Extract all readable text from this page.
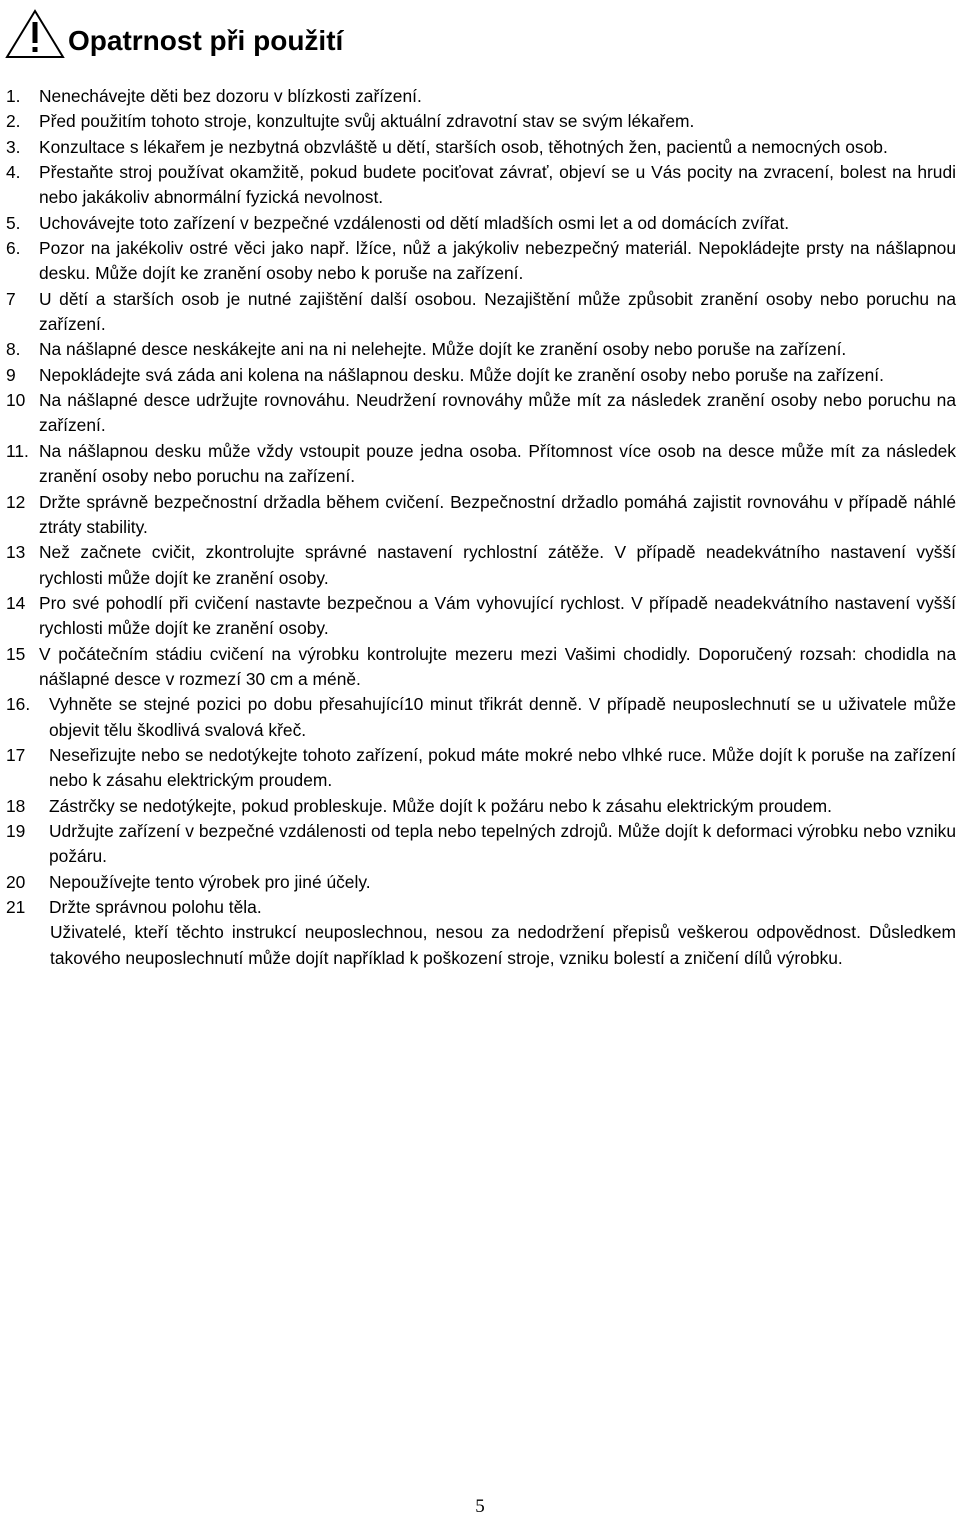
Opatrnost při použití
1.	Nenechávejte děti bez dozoru v blízkosti zařízení.
2.	Před použitím tohoto stroje, konzultujte svůj aktuální zdravotní stav se svým lékařem.
3.	Konzultace s lékařem je nezbytná obzvláště u dětí, starších osob, těhotných žen, pacientů a nemocných osob.
4.	Přestaňte stroj používat okamžitě, pokud budete pociťovat závrať, objeví se u Vás pocity na zvracení, bolest na hrudi nebo jakákoliv abnormální fyzická nevolnost.
5.	Uchovávejte toto zařízení v bezpečné vzdálenosti od dětí mladších osmi let a od domácích zvířat.
6.	Pozor na jakékoliv ostré věci jako např. lžíce, nůž a jakýkoliv nebezpečný materiál. Nepokládejte prsty na nášlapnou desku. Může dojít ke zranění osoby nebo k poruše na zařízení.
7	U dětí a starších osob je nutné zajištění další osobou. Nezajištění může způsobit zranění osoby nebo poruchu na zařízení.
8.	Na nášlapné desce neskákejte ani na ni nelehejte. Může dojít ke zranění osoby nebo poruše na zařízení.
9	Nepokládejte svá záda ani kolena na nášlapnou desku. Může dojít ke zranění osoby nebo poruše na zařízení.
10 Na nášlapné desce udržujte rovnováhu. Neudržení rovnováhy může mít za následek zranění osoby nebo poruchu na zařízení.
11. Na nášlapnou desku může vždy vstoupit pouze jedna osoba. Přítomnost více osob na desce může mít za následek zranění osoby nebo poruchu na zařízení.
12 Držte správně bezpečnostní držadla během cvičení. Bezpečnostní držadlo pomáhá zajistit rovnováhu v případě náhlé ztráty stability.
13 Než začnete cvičit, zkontrolujte správné nastavení rychlostní zátěže. V případě neadekvátního nastavení vyšší rychlosti může dojít ke zranění osoby.
14 Pro své pohodlí při cvičení nastavte bezpečnou a Vám vyhovující rychlost. V případě neadekvátního nastavení vyšší rychlosti může dojít ke zranění osoby.
15 V počátečním stádiu cvičení na výrobku kontrolujte mezeru mezi Vašimi chodidly. Doporučený rozsah: chodidla na nášlapné desce v rozmezí 30 cm a méně.
16.	Vyhněte se stejné pozici po dobu přesahující10 minut třikrát denně. V případě neuposlechnutí se u uživatele může objevit tělu škodlivá svalová křeč.
17	Neseřizujte nebo se nedotýkejte tohoto zařízení, pokud máte mokré nebo vlhké ruce. Může dojít k poruše na zařízení nebo k zásahu elektrickým proudem.
18	Zástrčky se nedotýkejte, pokud probleskuje. Může dojít k požáru nebo k zásahu elektrickým proudem.
19	Udržujte zařízení v bezpečné vzdálenosti od tepla nebo tepelných zdrojů. Může dojít k deformaci výrobku nebo vzniku požáru.
20	Nepoužívejte tento výrobek pro jiné účely.
21	Držte správnou polohu těla.
Uživatelé, kteří těchto instrukcí neuposlechnou, nesou za nedodržení přepisů veškerou odpovědnost. Důsledkem takového neuposlechnutí může dojít například k poškození stroje, vzniku bolestí a zničení dílů výrobku.
5
